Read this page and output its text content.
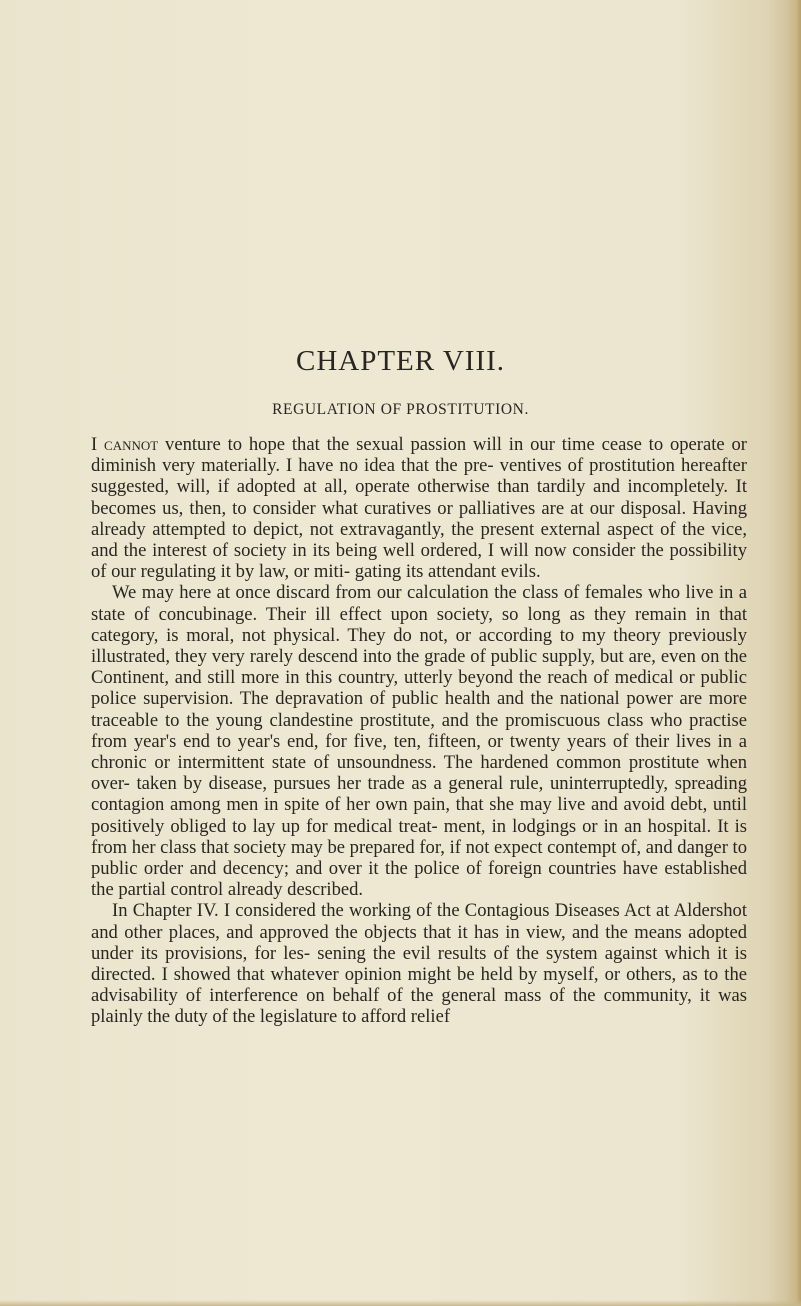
CHAPTER VIII.
REGULATION OF PROSTITUTION.

I cannot venture to hope that the sexual passion will in our time cease to operate or diminish very materially. I have no idea that the pre- ventives of prostitution hereafter suggested, will, if adopted at all, operate otherwise than tardily and incompletely. It becomes us, then, to consider what curatives or palliatives are at our disposal. Having already attempted to depict, not extravagantly, the present external aspect of the vice, and the interest of society in its being well ordered, I will now consider the possibility of our regulating it by law, or miti- gating its attendant evils.

We may here at once discard from our calculation the class of females who live in a state of concubinage. Their ill effect upon society, so long as they remain in that category, is moral, not physical. They do not, or according to my theory previously illustrated, they very rarely descend into the grade of public supply, but are, even on the Continent, and still more in this country, utterly beyond the reach of medical or public police supervision. The depravation of public health and the national power are more traceable to the young clandestine prostitute, and the promiscuous class who practise from year's end to year's end, for five, ten, fifteen, or twenty years of their lives in a chronic or intermittent state of unsoundness. The hardened common prostitute when over- taken by disease, pursues her trade as a general rule, uninterruptedly, spreading contagion among men in spite of her own pain, that she may live and avoid debt, until positively obliged to lay up for medical treat- ment, in lodgings or in an hospital. It is from her class that society may be prepared for, if not expect contempt of, and danger to public order and decency; and over it the police of foreign countries have established the partial control already described.

In Chapter IV. I considered the working of the Contagious Diseases Act at Aldershot and other places, and approved the objects that it has in view, and the means adopted under its provisions, for les- sening the evil results of the system against which it is directed. I showed that whatever opinion might be held by myself, or others, as to the advisability of interference on behalf of the general mass of the community, it was plainly the duty of the legislature to afford relief
